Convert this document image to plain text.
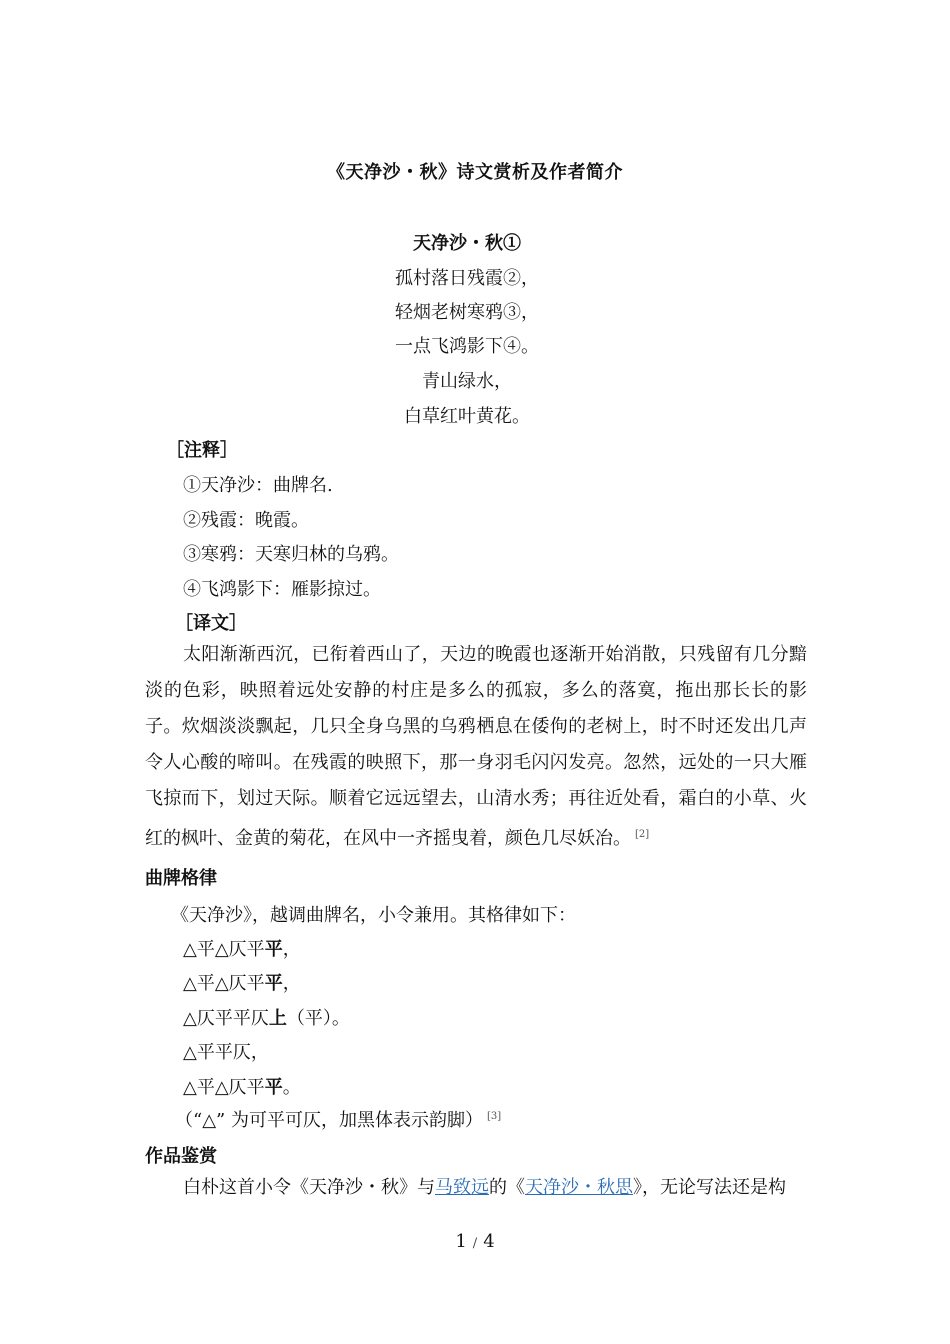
《天净沙・秋》诗文赏析及作者简介
天净沙・秋①
孤村落日残霞②，
轻烟老树寒鸦③，
一点飞鸿影下④。
青山绿水，
白草红叶黄花。
［注释］
①天净沙：曲牌名.
②残霞：晚霞。
③寒鸦：天寒归林的乌鸦。
④飞鸿影下：雁影掠过。
［译文］
太阳渐渐西沉，已衔着西山了，天边的晚霞也逐渐开始消散，只残留有几分黯淡的色彩，映照着远处安静的村庄是多么的孤寂，多么的落寞，拖出那长长的影子。炊烟淡淡飘起，几只全身乌黑的乌鸦栖息在倭佝的老树上，时不时还发出几声令人心酸的啼叫。在残霞的映照下，那一身羽毛闪闪发亮。忽然，远处的一只大雁飞掠而下，划过天际。顺着它远远望去，山清水秀；再往近处看，霜白的小草、火红的枫叶、金黄的菊花，在风中一齐摇曳着，颜色几尽妖冶。 [2]
曲牌格律
《天净沙》，越调曲牌名，小令兼用。其格律如下：
△平△仄平平，
△平△仄平平，
△仄平平仄上（平）。
△平平仄，
△平△仄平平。
（“△” 为可平可仄，加黑体表示韵脚） [3]
作品鉴赏
白朴这首小令《天净沙・秋》与马致远的《天净沙・秋思》，无论写法还是构
1 / 4
